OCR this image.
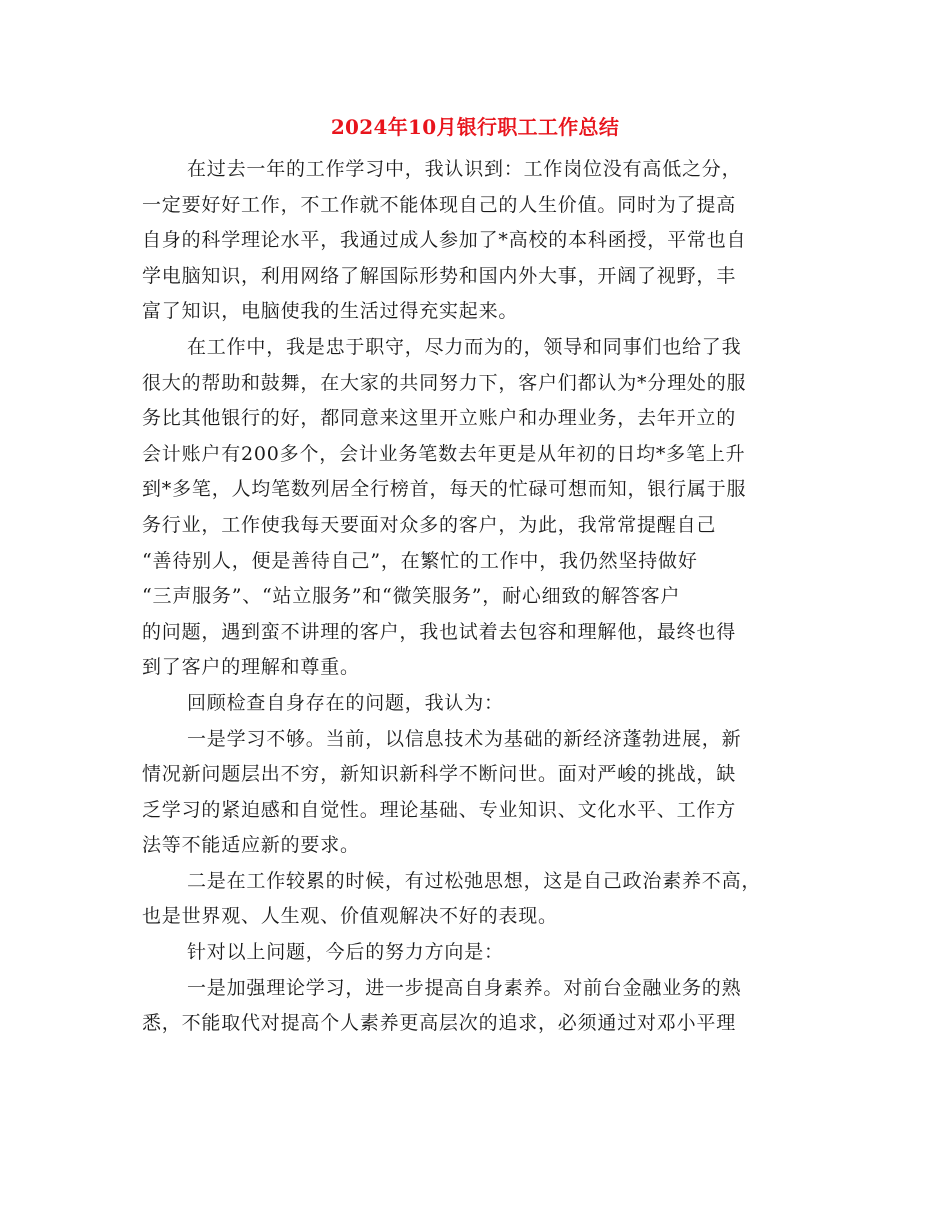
2024年10月银行职工工作总结
在过去一年的工作学习中，我认识到：工作岗位没有高低之分，
一定要好好工作，不工作就不能体现自己的人生价值。同时为了提高
自身的科学理论水平，我通过成人参加了*高校的本科函授，平常也自
学电脑知识，利用网络了解国际形势和国内外大事，开阔了视野，丰
富了知识，电脑使我的生活过得充实起来。
在工作中，我是忠于职守，尽力而为的，领导和同事们也给了我
很大的帮助和鼓舞，在大家的共同努力下，客户们都认为*分理处的服
务比其他银行的好，都同意来这里开立账户和办理业务，去年开立的
会计账户有200多个，会计业务笔数去年更是从年初的日均*多笔上升
到*多笔，人均笔数列居全行榜首，每天的忙碌可想而知，银行属于服
务行业，工作使我每天要面对众多的客户，为此，我常常提醒自己
“善待别人，便是善待自己”，在繁忙的工作中，我仍然坚持做好
“三声服务”、“站立服务”和“微笑服务”，耐心细致的解答客户
的问题，遇到蛮不讲理的客户，我也试着去包容和理解他，最终也得
到了客户的理解和尊重。
回顾检查自身存在的问题，我认为：
一是学习不够。当前，以信息技术为基础的新经济蓬勃进展，新
情况新问题层出不穷，新知识新科学不断问世。面对严峻的挑战，缺
乏学习的紧迫感和自觉性。理论基础、专业知识、文化水平、工作方
法等不能适应新的要求。
二是在工作较累的时候，有过松弛思想，这是自己政治素养不高，
也是世界观、人生观、价值观解决不好的表现。
针对以上问题，今后的努力方向是：
一是加强理论学习，进一步提高自身素养。对前台金融业务的熟
悉，不能取代对提高个人素养更高层次的追求，必须通过对邓小平理
